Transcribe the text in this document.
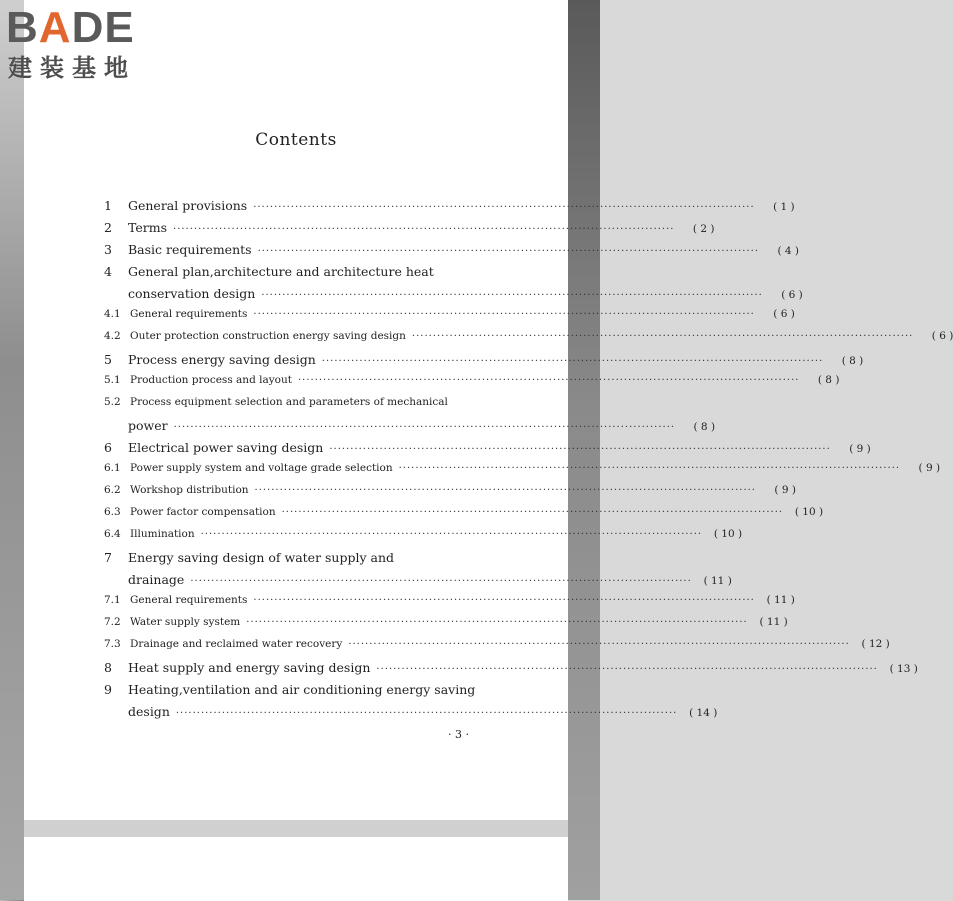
BADE
建装基地
Contents
1	General provisions ························································································································	( 1 )
2	Terms ························································································································	( 2 )
3	Basic requirements ························································································································	( 4 )
4	General plan,architecture and architecture heat
conservation design ························································································································	( 6 )
4.1 General requirements ························································································································	( 6 )
4.2 Outer protection construction energy saving design ························································································································	( 6 )
5	Process energy saving design ························································································································	( 8 )
5.1 Production process and layout ························································································································	( 8 )
5.2 Process equipment selection and parameters of mechanical
power ························································································································	( 8 )
6	Electrical power saving design ························································································································	( 9 )
6.1 Power supply system and voltage grade selection ························································································································	( 9 )
6.2 Workshop distribution ························································································································	( 9 )
6.3 Power factor compensation ························································································································	( 10 )
6.4 Illumination ························································································································	( 10 )
7	Energy saving design of water supply and
drainage ························································································································	( 11 )
7.1 General requirements ························································································································	( 11 )
7.2 Water supply system ························································································································	( 11 )
7.3 Drainage and reclaimed water recovery ························································································································	( 12 )
8	Heat supply and energy saving design ························································································································	( 13 )
9	Heating,ventilation and air conditioning energy saving
design ························································································································	( 14 )
· 3 ·
